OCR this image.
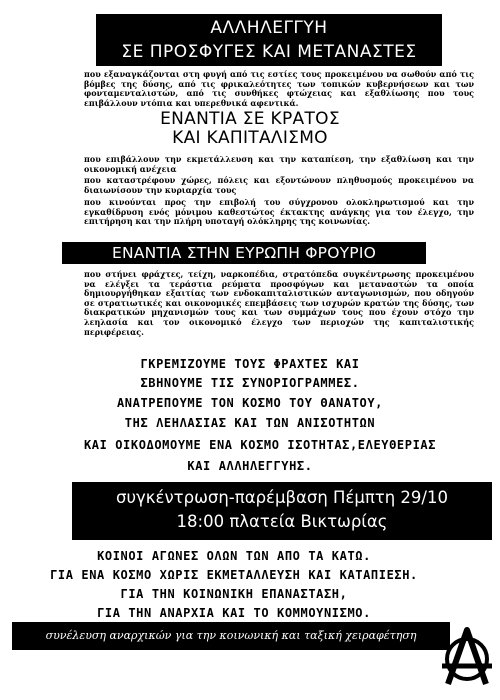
ΑΛΛΗΛΕΓΓΥΗ
ΣΕ ΠΡΟΣΦΥΓΕΣ ΚΑΙ ΜΕΤΑΝΑΣΤΕΣ
που εξαναγκάζονται στη φυγή από τις εστίες τους προκειμένου να σωθούν από τις βόμβες της δύσης, από τις φρικαλεότητες των τοπικών κυβερνήσεων και των φονταμενταλιστών, από τις συνθήκες φτώχειας και εξαθλίωσης που τους επιβάλλουν ντόπια και υπερεθνικά αφεντικά.
ΕΝΑΝΤΙΑ ΣΕ ΚΡΑΤΟΣ
ΚΑΙ ΚΑΠΙΤΑΛΙΣΜΟ
που επιβάλλουν την εκμετάλλευση και την καταπίεση, την εξαθλίωση και την οικονομική ανέχεια
που καταστρέφουν χώρες, πόλεις και εξοντώνουν πληθυσμούς προκειμένου να διαιωνίσουν την κυριαρχία τους
που κινούνται προς την επιβολή του σύγχρονου ολοκληρωτισμού και την εγκαθίδρυση ενός μόνιμου καθεστώτος έκτακτης ανάγκης για τον έλεγχο, την επιτήρηση και την πλήρη υποταγή ολόκληρης της κοινωνίας.
ΕΝΑΝΤΙΑ ΣΤΗΝ ΕΥΡΩΠΗ ΦΡΟΥΡΙΟ
που στήνει φράχτες, τείχη, ναρκοπέδια, στρατόπεδα συγκέντρωσης προκειμένου να ελέγξει τα τεράστια ρεύματα προσφύγων και μεταναστών τα οποία δημιουργήθηκαν εξαιτίας των ενδοκαπιταλιστικών ανταγωνισμών, που οδηγούν σε στρατιωτικές και οικονομικές επεμβάσεις των ισχυρών κρατών της δύσης, των διακρατικών μηχανισμών τους και των συμμάχων τους που έχουν στόχο την λεηλασία και τον οικονομικό έλεγχο των περιοχών της καπιταλιστικής περιφέρειας.
ΓΚΡΕΜΙΖΟΥΜΕ ΤΟΥΣ ΦΡΑΧΤΕΣ ΚΑΙ
ΣΒΗΝΟΥΜΕ ΤΙΣ ΣΥΝΟΡΙΟΓΡΑΜΜΕΣ.
ΑΝΑΤΡΕΠΟΥΜΕ ΤΟΝ ΚΟΣΜΟ ΤΟΥ ΘΑΝΑΤΟΥ,
ΤΗΣ ΛΕΗΛΑΣΙΑΣ ΚΑΙ ΤΩΝ ΑΝΙΣΟΤΗΤΩΝ
ΚΑΙ ΟΙΚΟΔΟΜΟΥΜΕ ΕΝΑ ΚΟΣΜΟ ΙΣΟΤΗΤΑΣ,ΕΛΕΥΘΕΡΙΑΣ
ΚΑΙ ΑΛΛΗΛΕΓΓΥΗΣ.
συγκέντρωση-παρέμβαση Πέμπτη 29/10
18:00 πλατεία Βικτωρίας
ΚΟΙΝΟΙ ΑΓΩΝΕΣ ΟΛΩΝ ΤΩΝ ΑΠΟ ΤΑ ΚΑΤΩ.
ΓΙΑ ΕΝΑ ΚΟΣΜΟ ΧΩΡΙΣ ΕΚΜΕΤΑΛΛΕΥΣΗ ΚΑΙ ΚΑΤΑΠΙΕΣΗ.
ΓΙΑ ΤΗΝ ΚΟΙΝΩΝΙΚΗ ΕΠΑΝΑΣΤΑΣΗ,
ΓΙΑ ΤΗΝ ΑΝΑΡΧΙΑ ΚΑΙ ΤΟ ΚΟΜΜΟΥΝΙΣΜΟ.
συνέλευση αναρχικών για την κοινωνική και ταξική χειραφέτηση
